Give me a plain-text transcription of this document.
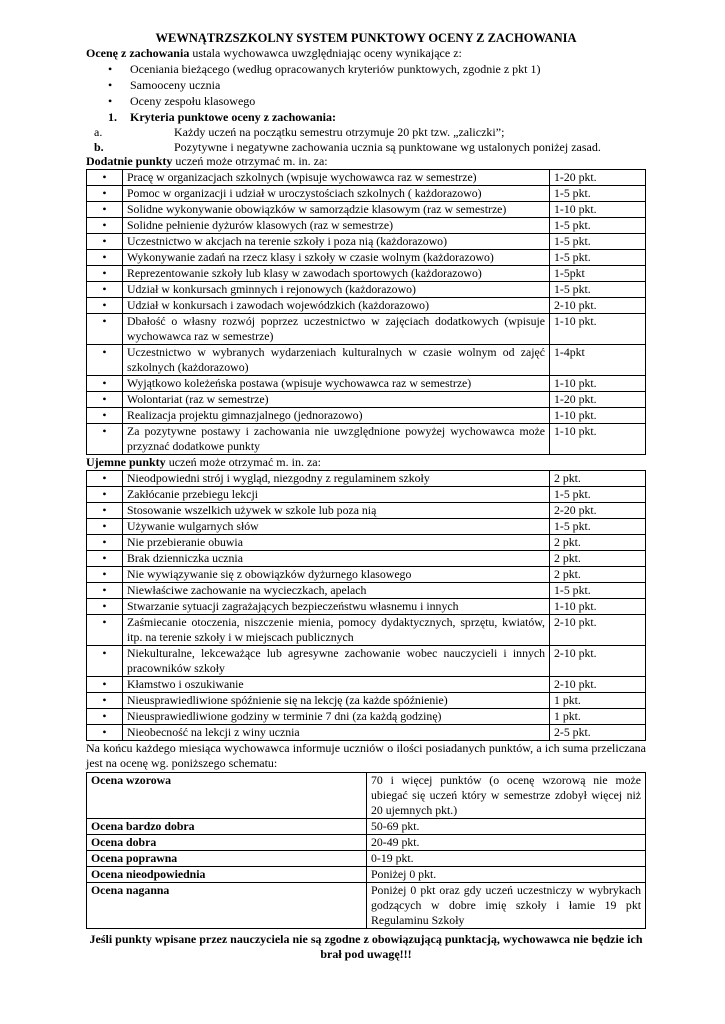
WEWNĄTRZSZKOLNY SYSTEM PUNKTOWY OCENY Z ZACHOWANIA

Ocenę z zachowania ustala wychowawca uwzględniając oceny wynikające z:

• Oceniania bieżącego (według opracowanych kryteriów punktowych, zgodnie z pkt 1)
• Samooceny ucznia
• Oceny zespołu klasowego
1. Kryteria punktowe oceny z zachowania:
a.	Każdy uczeń na początku semestru otrzymuje 20 pkt tzw. „zaliczki”;
b.	Pozytywne i negatywne zachowania ucznia są punktowane wg ustalonych poniżej zasad.

Dodatnie punkty uczeń może otrzymać m. in. za:

•	Pracę w organizacjach szkolnych (wpisuje wychowawca raz w semestrze)	1-20 pkt.
•	Pomoc w organizacji i udział w uroczystościach szkolnych ( każdorazowo)	1-5 pkt.
•	Solidne wykonywanie obowiązków w samorządzie klasowym (raz w semestrze)	1-10 pkt.
•	Solidne pełnienie dyżurów klasowych (raz w semestrze)	1-5 pkt.
•	Uczestnictwo w akcjach na terenie szkoły i poza nią (każdorazowo)	1-5 pkt.
•	Wykonywanie zadań na rzecz klasy i szkoły w czasie wolnym (każdorazowo)	1-5 pkt.
•	Reprezentowanie szkoły lub klasy w zawodach sportowych (każdorazowo)	1-5pkt
•	Udział w konkursach gminnych i rejonowych (każdorazowo)	1-5 pkt.
•	Udział w konkursach i zawodach wojewódzkich (każdorazowo)	2-10 pkt.
•	Dbałość o własny rozwój poprzez uczestnictwo w zajęciach dodatkowych (wpisuje wychowawca raz w semestrze)	1-10 pkt.
•	Uczestnictwo w wybranych wydarzeniach kulturalnych w czasie wolnym od zajęć szkolnych (każdorazowo)	1-4pkt
•	Wyjątkowo koleżeńska postawa (wpisuje wychowawca raz w semestrze)	1-10 pkt.
•	Wolontariat (raz w semestrze)	1-20 pkt.
•	Realizacja projektu gimnazjalnego (jednorazowo)	1-10 pkt.
•	Za pozytywne postawy i zachowania nie uwzględnione powyżej wychowawca może przyznać dodatkowe punkty	1-10 pkt.

Ujemne punkty uczeń może otrzymać m. in. za:

•	Nieodpowiedni strój i wygląd, niezgodny z regulaminem szkoły	2 pkt.
•	Zakłócanie przebiegu lekcji	1-5 pkt.
•	Stosowanie wszelkich używek w szkole lub poza nią	2-20 pkt.
•	Używanie wulgarnych słów	1-5 pkt.
•	Nie przebieranie obuwia	2 pkt.
•	Brak dzienniczka ucznia	2 pkt.
•	Nie wywiązywanie się z obowiązków dyżurnego klasowego	2 pkt.
•	Niewłaściwe zachowanie na wycieczkach, apelach	1-5 pkt.
•	Stwarzanie sytuacji zagrażających bezpieczeństwu własnemu i innych	1-10 pkt.
•	Zaśmiecanie otoczenia, niszczenie mienia, pomocy dydaktycznych, sprzętu, kwiatów, itp. na terenie szkoły i w miejscach publicznych	2-10 pkt.
•	Niekulturalne, lekceważące lub agresywne zachowanie wobec nauczycieli i innych pracowników szkoły	2-10 pkt.
•	Kłamstwo i oszukiwanie	2-10 pkt.
•	Nieusprawiedliwione spóźnienie się na lekcję (za każde spóźnienie)	1 pkt.
•	Nieusprawiedliwione godziny w terminie 7 dni (za każdą godzinę)	1 pkt.
•	Nieobecność na lekcji z winy ucznia	2-5 pkt.

Na końcu każdego miesiąca wychowawca informuje uczniów o ilości posiadanych punktów, a ich suma przeliczana jest na ocenę wg. poniższego schematu:

Ocena wzorowa	70 i więcej punktów (o ocenę wzorową nie może ubiegać się uczeń który w semestrze zdobył więcej niż 20 ujemnych pkt.)
Ocena bardzo dobra	50-69 pkt.
Ocena dobra	20-49 pkt.
Ocena poprawna	0-19 pkt.
Ocena nieodpowiednia	Poniżej 0 pkt.
Ocena naganna	Poniżej 0 pkt oraz gdy uczeń uczestniczy w wybrykach godzących w dobre imię szkoły i łamie 19 pkt Regulaminu Szkoły
Jeśli punkty wpisane przez nauczyciela nie są zgodne z obowiązującą punktacją, wychowawca nie będzie ich brał pod uwagę!!!
